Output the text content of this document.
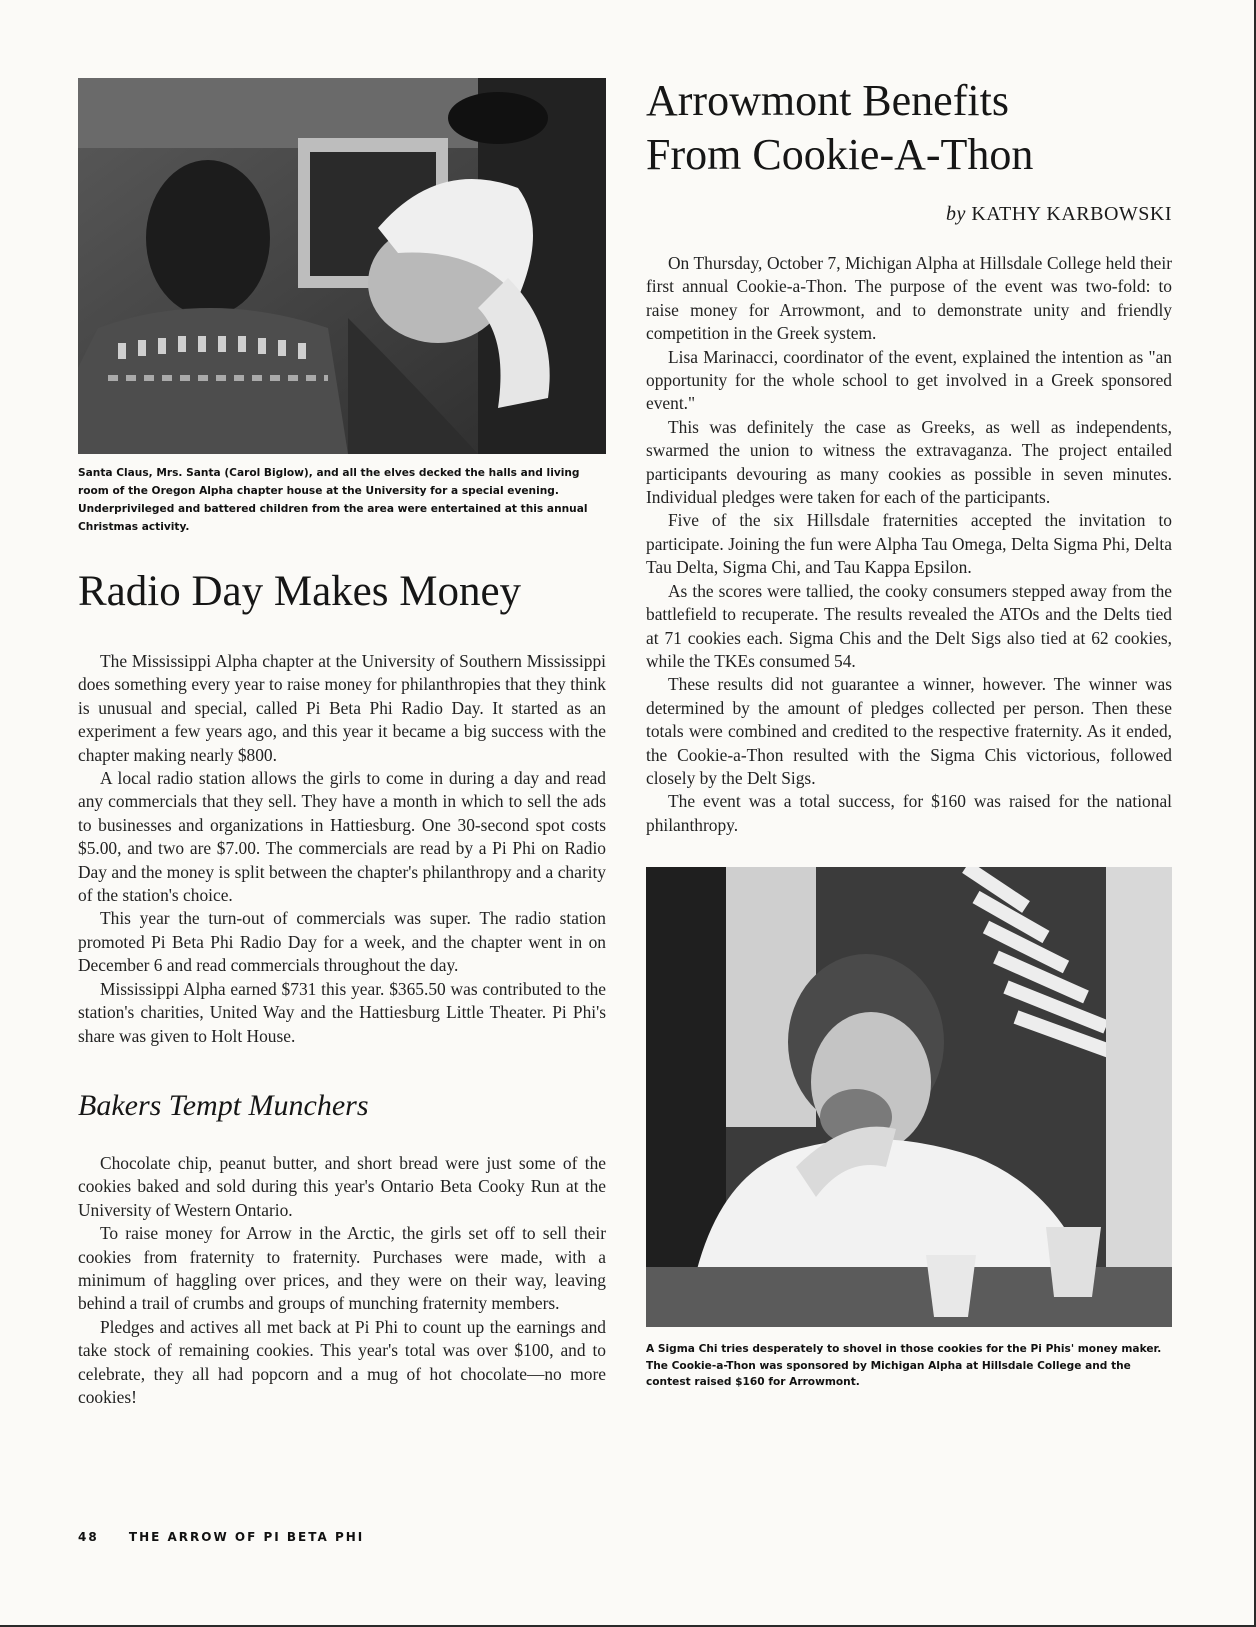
Santa Claus, Mrs. Santa (Carol Biglow), and all the elves decked the halls and living room of the Oregon Alpha chapter house at the University for a special evening. Underprivileged and battered children from the area were entertained at this annual Christmas activity.
Radio Day Makes Money

The Mississippi Alpha chapter at the University of Southern Mississippi does something every year to raise money for philanthropies that they think is unusual and special, called Pi Beta Phi Radio Day. It started as an experiment a few years ago, and this year it became a big success with the chapter making nearly $800.

A local radio station allows the girls to come in during a day and read any commercials that they sell. They have a month in which to sell the ads to businesses and organizations in Hattiesburg. One 30-second spot costs $5.00, and two are $7.00. The commercials are read by a Pi Phi on Radio Day and the money is split between the chapter's philanthropy and a charity of the station's choice.

This year the turn-out of commercials was super. The radio station promoted Pi Beta Phi Radio Day for a week, and the chapter went in on December 6 and read commercials throughout the day.

Mississippi Alpha earned $731 this year. $365.50 was contributed to the station's charities, United Way and the Hattiesburg Little Theater. Pi Phi's share was given to Holt House.

Bakers Tempt Munchers

Chocolate chip, peanut butter, and short bread were just some of the cookies baked and sold during this year's Ontario Beta Cooky Run at the University of Western Ontario.

To raise money for Arrow in the Arctic, the girls set off to sell their cookies from fraternity to fraternity. Purchases were made, with a minimum of haggling over prices, and they were on their way, leaving behind a trail of crumbs and groups of munching fraternity members.

Pledges and actives all met back at Pi Phi to count up the earnings and take stock of remaining cookies. This year's total was over $100, and to celebrate, they all had popcorn and a mug of hot chocolate—no more cookies!

Arrowmont Benefits
From Cookie-A-Thon
by KATHY KARBOWSKI

On Thursday, October 7, Michigan Alpha at Hillsdale College held their first annual Cookie-a-Thon. The purpose of the event was two-fold: to raise money for Arrowmont, and to demonstrate unity and friendly competition in the Greek system.

Lisa Marinacci, coordinator of the event, explained the intention as "an opportunity for the whole school to get involved in a Greek sponsored event."

This was definitely the case as Greeks, as well as independents, swarmed the union to witness the extravaganza. The project entailed participants devouring as many cookies as possible in seven minutes. Individual pledges were taken for each of the participants.

Five of the six Hillsdale fraternities accepted the invitation to participate. Joining the fun were Alpha Tau Omega, Delta Sigma Phi, Delta Tau Delta, Sigma Chi, and Tau Kappa Epsilon.

As the scores were tallied, the cooky consumers stepped away from the battlefield to recuperate. The results revealed the ATOs and the Delts tied at 71 cookies each. Sigma Chis and the Delt Sigs also tied at 62 cookies, while the TKEs consumed 54.

These results did not guarantee a winner, however. The winner was determined by the amount of pledges collected per person. Then these totals were combined and credited to the respective fraternity. As it ended, the Cookie-a-Thon resulted with the Sigma Chis victorious, followed closely by the Delt Sigs.

The event was a total success, for $160 was raised for the national philanthropy.

A Sigma Chi tries desperately to shovel in those cookies for the Pi Phis' money maker. The Cookie-a-Thon was sponsored by Michigan Alpha at Hillsdale College and the contest raised $160 for Arrowmont.
48	THE ARROW OF PI BETA PHI
